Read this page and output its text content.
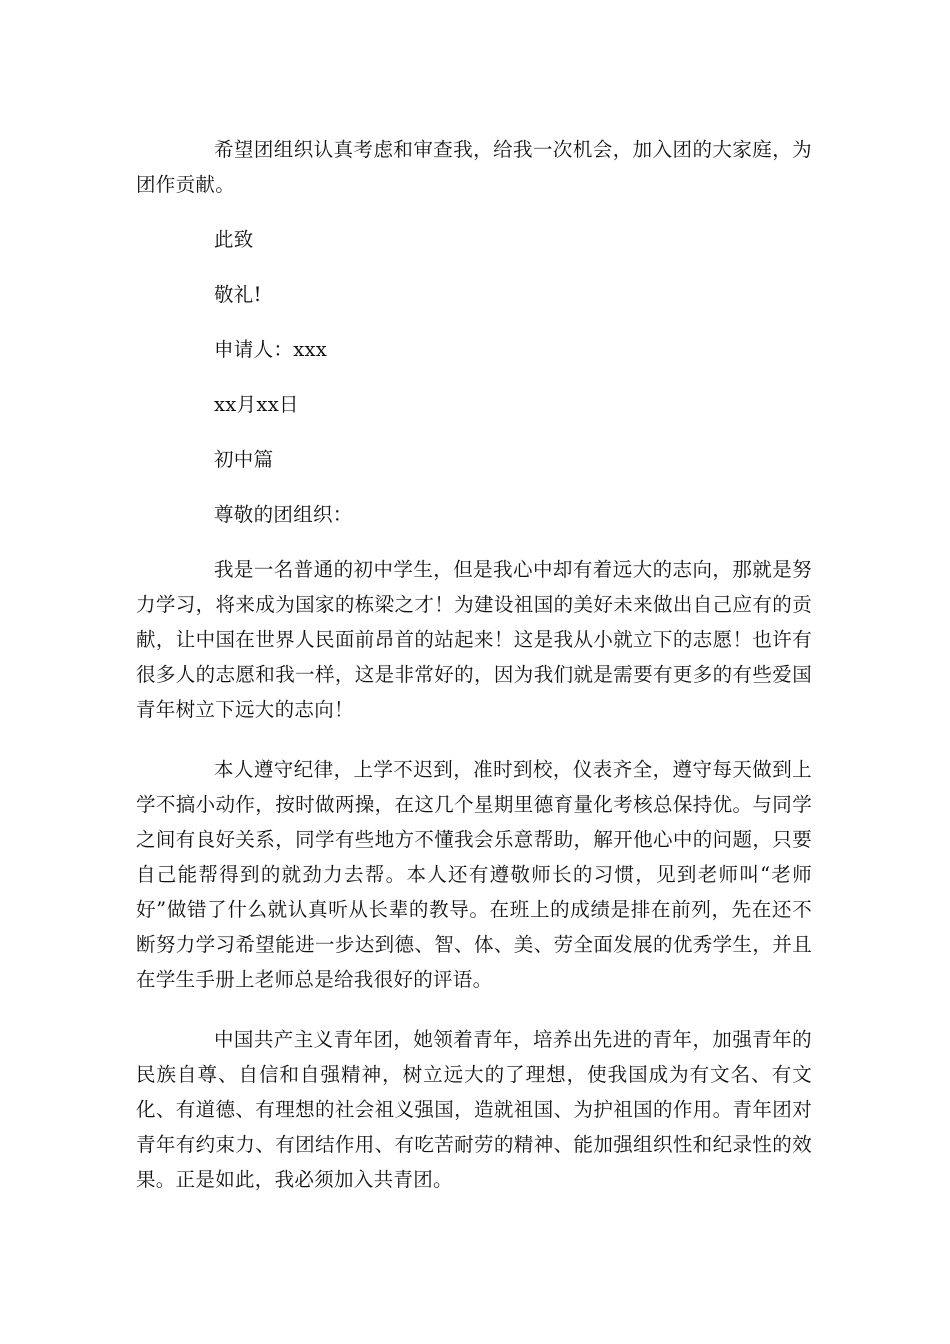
希望团组织认真考虑和审查我，给我一次机会，加入团的大家庭，为团作贡献。

此致

敬礼!

申请人：xxx

xx月xx日

初中篇

尊敬的团组织：

我是一名普通的初中学生，但是我心中却有着远大的志向，那就是努力学习，将来成为国家的栋梁之才！为建设祖国的美好未来做出自己应有的贡献，让中国在世界人民面前昂首的站起来！这是我从小就立下的志愿！也许有很多人的志愿和我一样，这是非常好的，因为我们就是需要有更多的有些爱国青年树立下远大的志向！

本人遵守纪律，上学不迟到，准时到校，仪表齐全，遵守每天做到上学不搞小动作，按时做两操，在这几个星期里德育量化考核总保持优。与同学之间有良好关系，同学有些地方不懂我会乐意帮助，解开他心中的问题，只要自己能帮得到的就劲力去帮。本人还有遵敬师长的习惯，见到老师叫“老师好”做错了什么就认真听从长辈的教导。在班上的成绩是排在前列，先在还不断努力学习希望能进一步达到德、智、体、美、劳全面发展的优秀学生，并且在学生手册上老师总是给我很好的评语。

中国共产主义青年团，她领着青年，培养出先进的青年，加强青年的民族自尊、自信和自强精神，树立远大的了理想，使我国成为有文名、有文化、有道德、有理想的社会祖义强国，造就祖国、为护祖国的作用。青年团对青年有约束力、有团结作用、有吃苦耐劳的精神、能加强组织性和纪录性的效果。正是如此，我必须加入共青团。
